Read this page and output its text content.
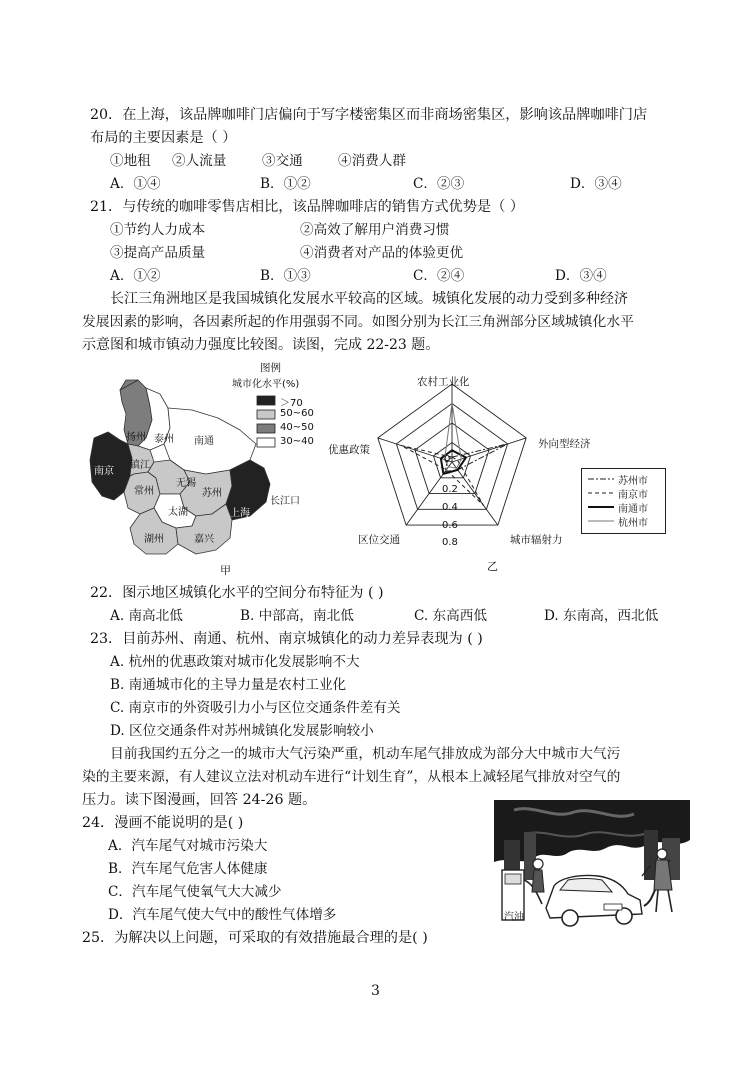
20．在上海，该品牌咖啡门店偏向于写字楼密集区而非商场密集区，影响该品牌咖啡门店
布局的主要因素是（ ）
①地租 ②人流量	③交通	④消费人群
A．①④	B．①②	C．②③	D．③④
21．与传统的咖啡零售店相比，该品牌咖啡店的销售方式优势是（ ）
①节约人力成本	②高效了解用户消费习惯
③提高产品质量	④消费者对产品的体验更优
A．①②	B．①③	C．②④	D．③④
长江三角洲地区是我国城镇化发展水平较高的区域。城镇化发展的动力受到多种经济
发展因素的影响，各因素所起的作用强弱不同。如图分别为长江三角洲部分区域城镇化水平
示意图和城市镇动力强度比较图。读图，完成 22-23 题。
图例
城市化水平(%)
＞70
50~60
40~50
30~40
扬州 泰州 南通
南京
镇江
常州
无锡
苏州
太湖	上海
湖州	嘉兴
长江口
甲
农村工业化
外向型经济
城市辐射力
区位交通
优惠政策
0
0.2
0.4
0.6
0.8
乙
苏州市
南京市
南通市
杭州市
22．图示地区城镇化水平的空间分布特征为 ( )
A. 南高北低	B. 中部高，南北低	C. 东高西低	D. 东南高，西北低
23．目前苏州、南通、杭州、南京城镇化的动力差异表现为 ( )
A. 杭州的优惠政策对城市化发展影响不大
B. 南通城市化的主导力量是农村工业化
C. 南京市的外资吸引力小与区位交通条件差有关
D. 区位交通条件对苏州城镇化发展影响较小
目前我国约五分之一的城市大气污染严重，机动车尾气排放成为部分大中城市大气污
染的主要来源，有人建议立法对机动车进行“计划生育”，从根本上减轻尾气排放对空气的
压力。读下图漫画，回答 24-26 题。
24．漫画不能说明的是( )
A．汽车尾气对城市污染大
B．汽车尾气危害人体健康
C．汽车尾气使氧气大大减少
D．汽车尾气使大气中的酸性气体增多	汽油
25．为解决以上问题，可采取的有效措施最合理的是( )
3
